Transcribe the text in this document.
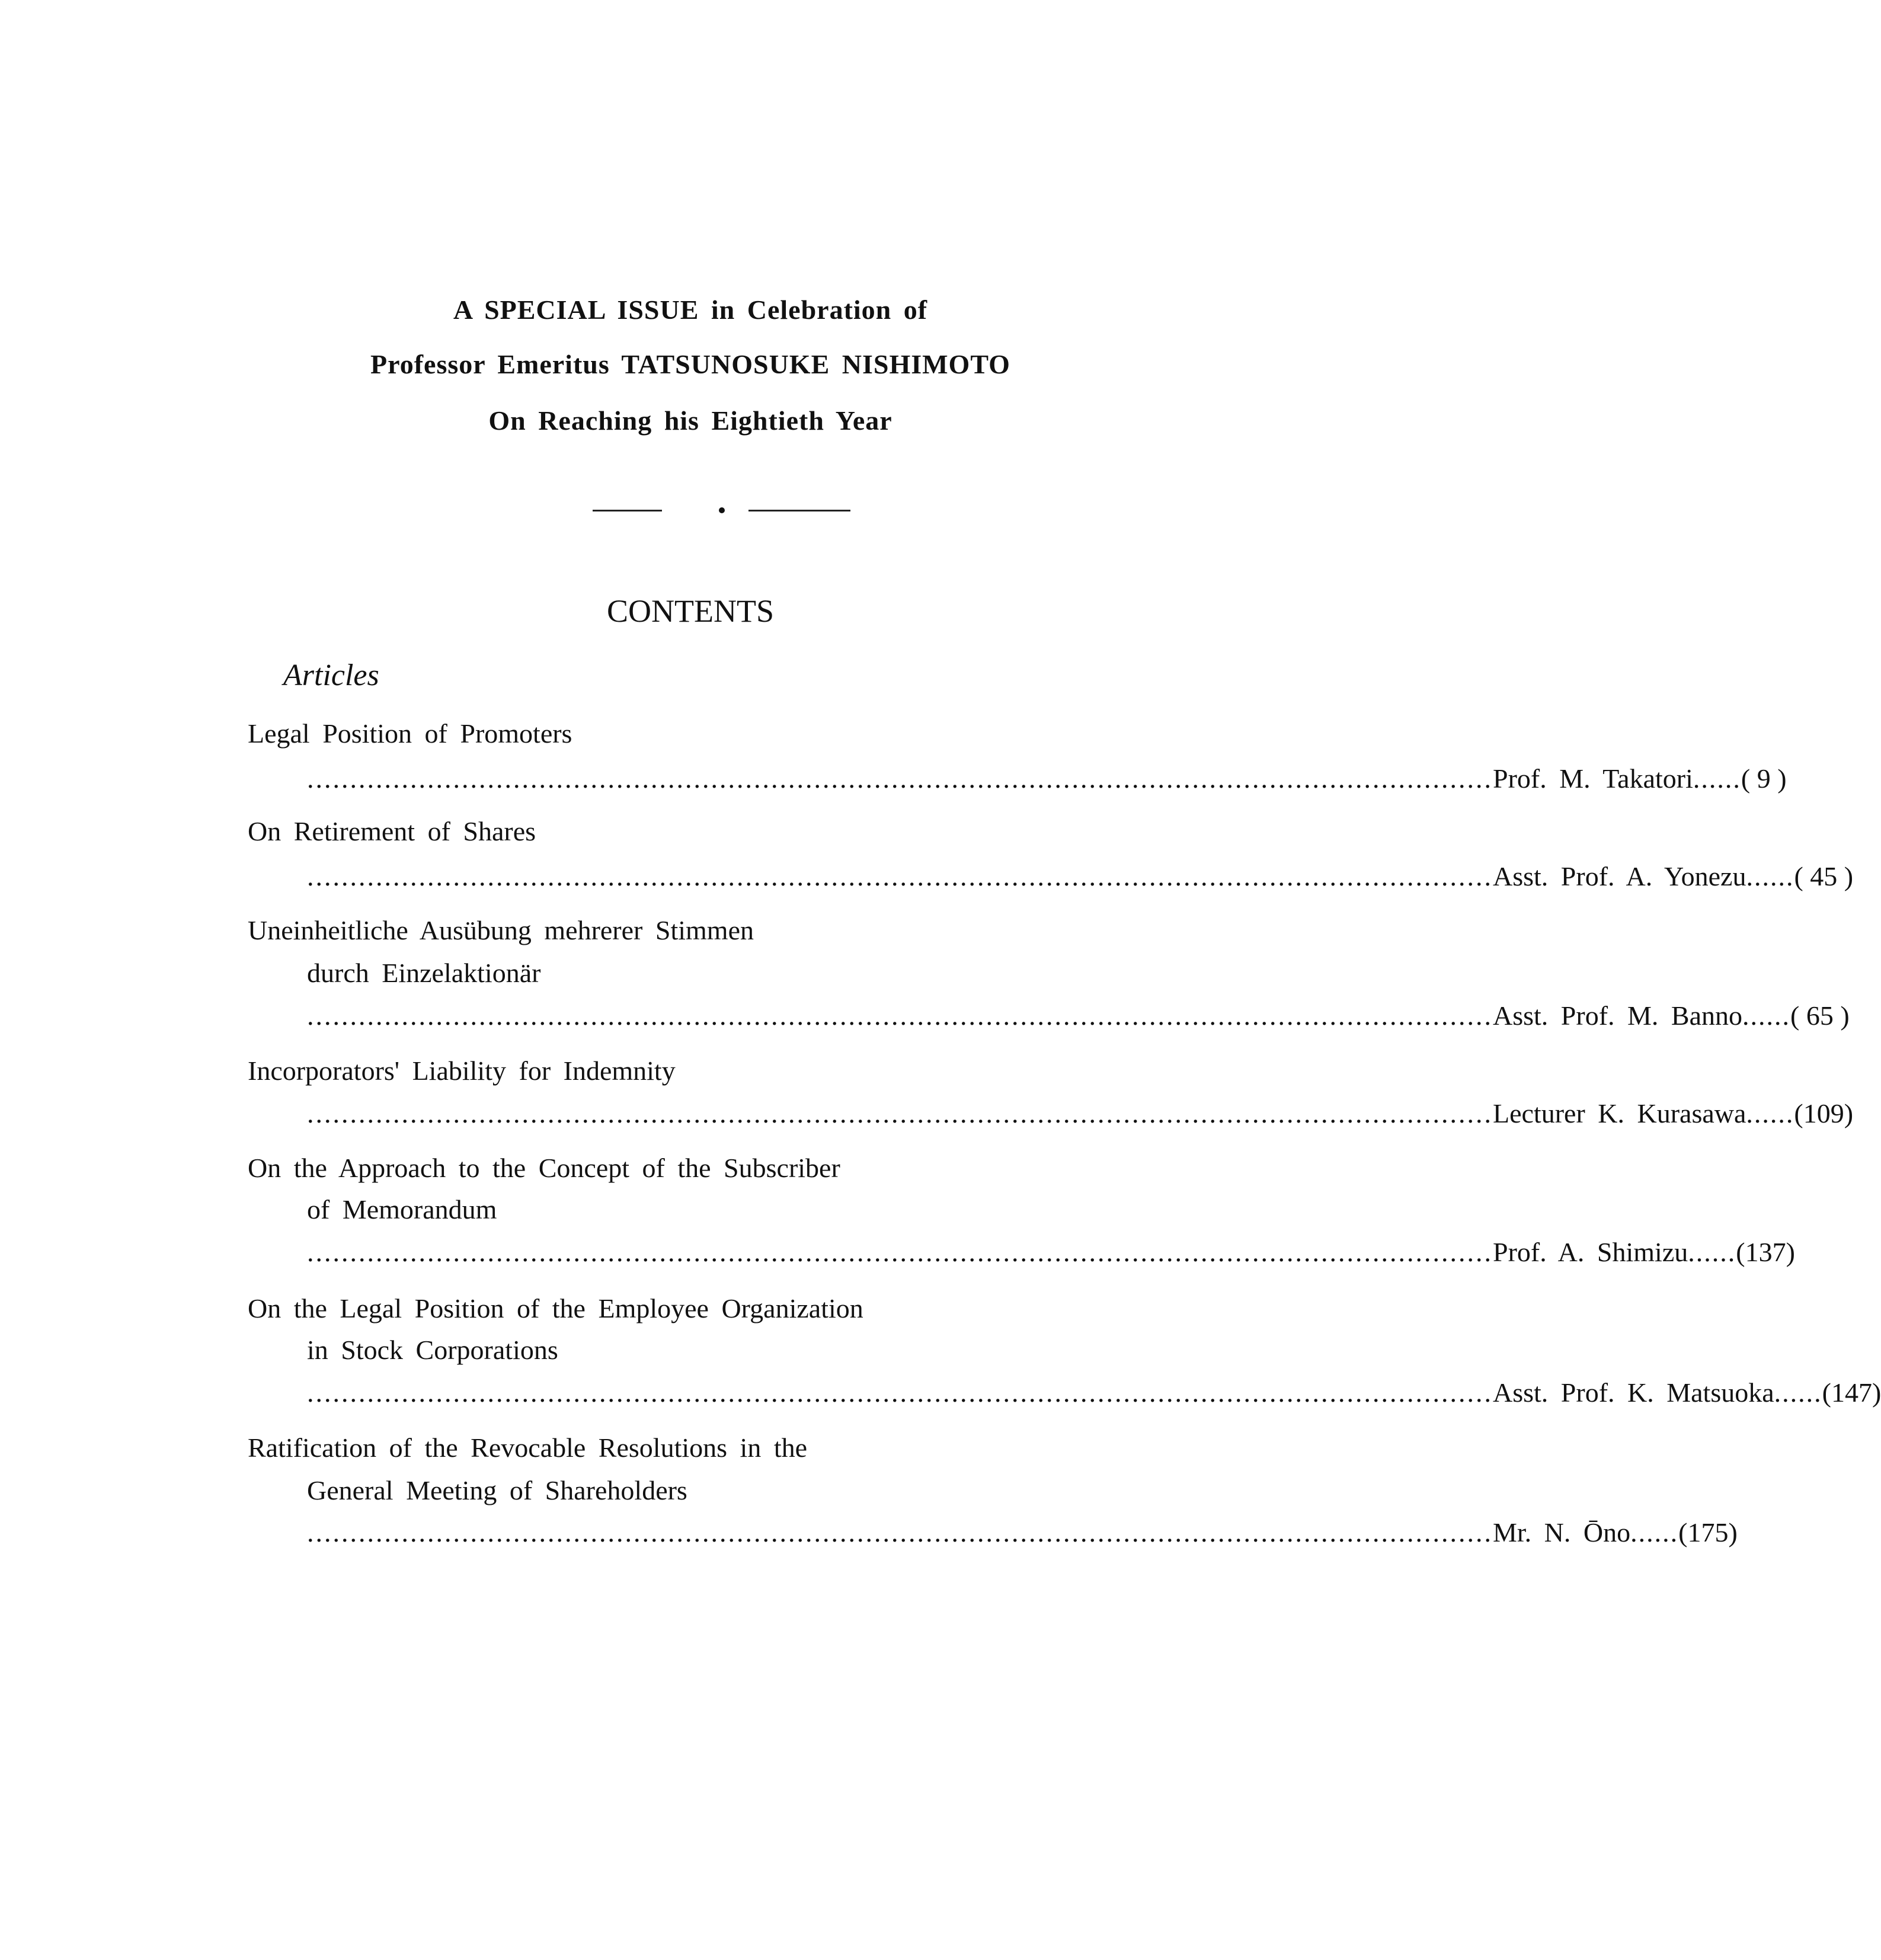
A SPECIAL ISSUE in Celebration of
Professor Emeritus TATSUNOSUKE NISHIMOTO
On Reaching his Eightieth Year
CONTENTS
Articles
Legal Position of Promoters
.......................................................................................................................................... Prof. M. Takatori ...... ( 9 )
On Retirement of Shares
.......................................................................................................................................... Asst. Prof. A. Yonezu ...... ( 45 )
Uneinheitliche Ausübung mehrerer Stimmen
durch Einzelaktionär
.......................................................................................................................................... Asst. Prof. M. Banno ...... ( 65 )
Incorporators' Liability for Indemnity
.......................................................................................................................................... Lecturer K. Kurasawa ...... (109)
On the Approach to the Concept of the Subscriber
of Memorandum
.......................................................................................................................................... Prof. A. Shimizu ...... (137)
On the Legal Position of the Employee Organization
in Stock Corporations
.......................................................................................................................................... Asst. Prof. K. Matsuoka ...... (147)
Ratification of the Revocable Resolutions in the
General Meeting of Shareholders
.......................................................................................................................................... Mr. N. Ōno ...... (175)
